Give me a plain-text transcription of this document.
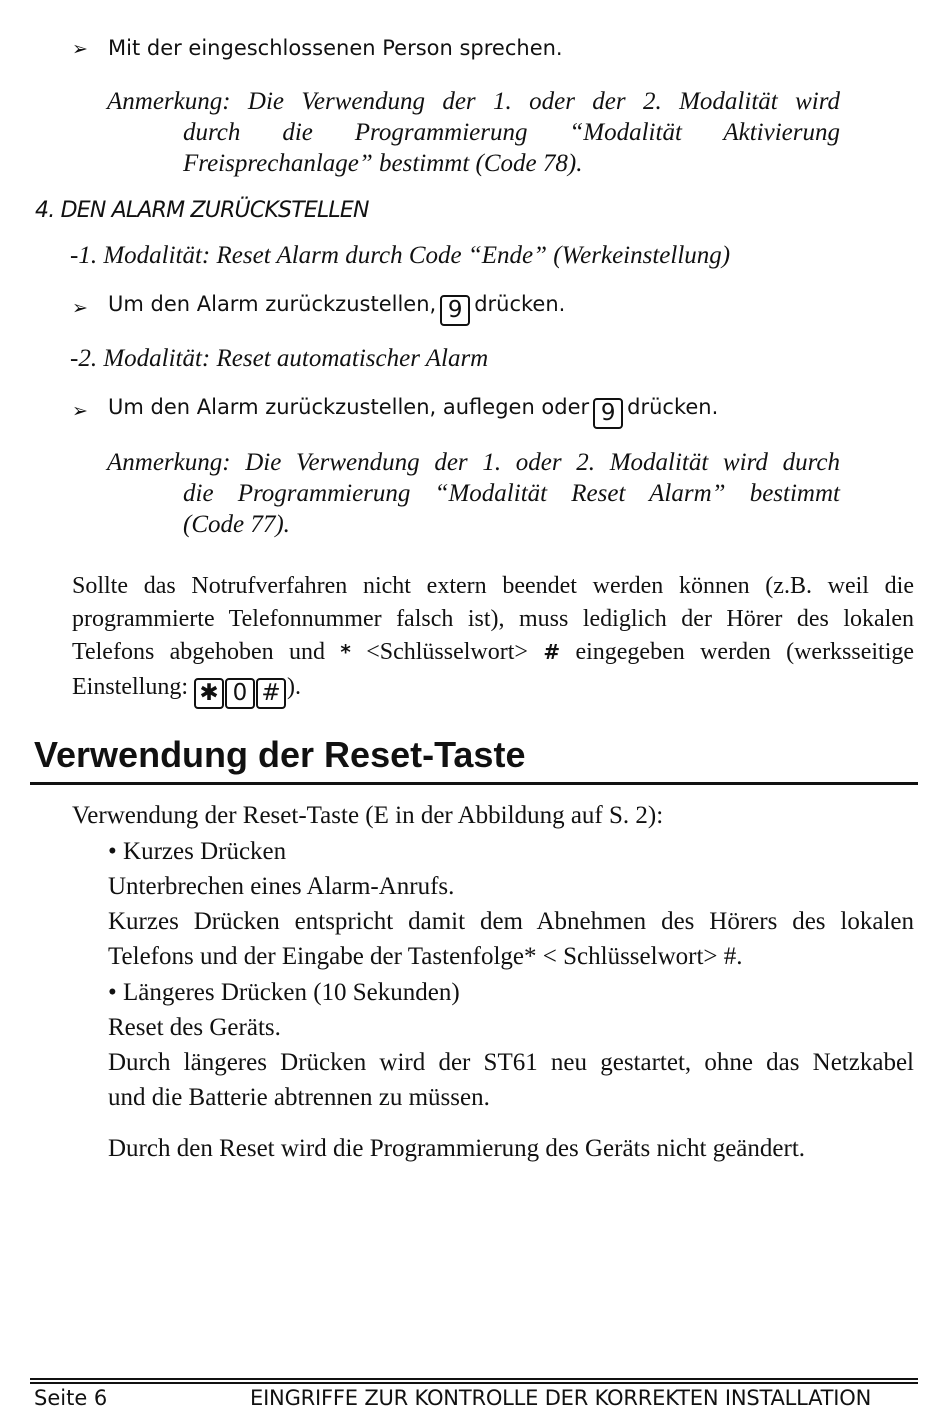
➢ Mit der eingeschlossenen Person sprechen.
Anmerkung: Die Verwendung der 1. oder der 2. Modalität wird
durch die Programmierung “Modalität Aktivierung
Freisprechanlage” bestimmt (Code 78).
4. DEN ALARM ZURÜCKSTELLEN
-1. Modalität: Reset Alarm durch Code “Ende” (Werkeinstellung)
➢ Um den Alarm zurückzustellen, 9 drücken.
-2. Modalität: Reset automatischer Alarm
➢ Um den Alarm zurückzustellen, auflegen oder 9 drücken.
Anmerkung: Die Verwendung der 1. oder 2. Modalität wird durch
die Programmierung “Modalität Reset Alarm” bestimmt
(Code 77).
Sollte das Notrufverfahren nicht extern beendet werden können (z.B. weil die
programmierte Telefonnummer falsch ist), muss lediglich der Hörer des lokalen
Telefons abgehoben und * <Schlüsselwort> # eingegeben werden (werksseitige
Einstellung: ✱ 0 # ).
Verwendung der Reset-Taste
Verwendung der Reset-Taste (E in der Abbildung auf S. 2):
• Kurzes Drücken
Unterbrechen eines Alarm-Anrufs.
Kurzes Drücken entspricht damit dem Abnehmen des Hörers des lokalen
Telefons und der Eingabe der Tastenfolge* < Schlüsselwort> #.
• Längeres Drücken (10 Sekunden)
Reset des Geräts.
Durch längeres Drücken wird der ST61 neu gestartet, ohne das Netzkabel
und die Batterie abtrennen zu müssen.
Durch den Reset wird die Programmierung des Geräts nicht geändert.
Seite 6	EINGRIFFE ZUR KONTROLLE DER KORREKTEN INSTALLATION
